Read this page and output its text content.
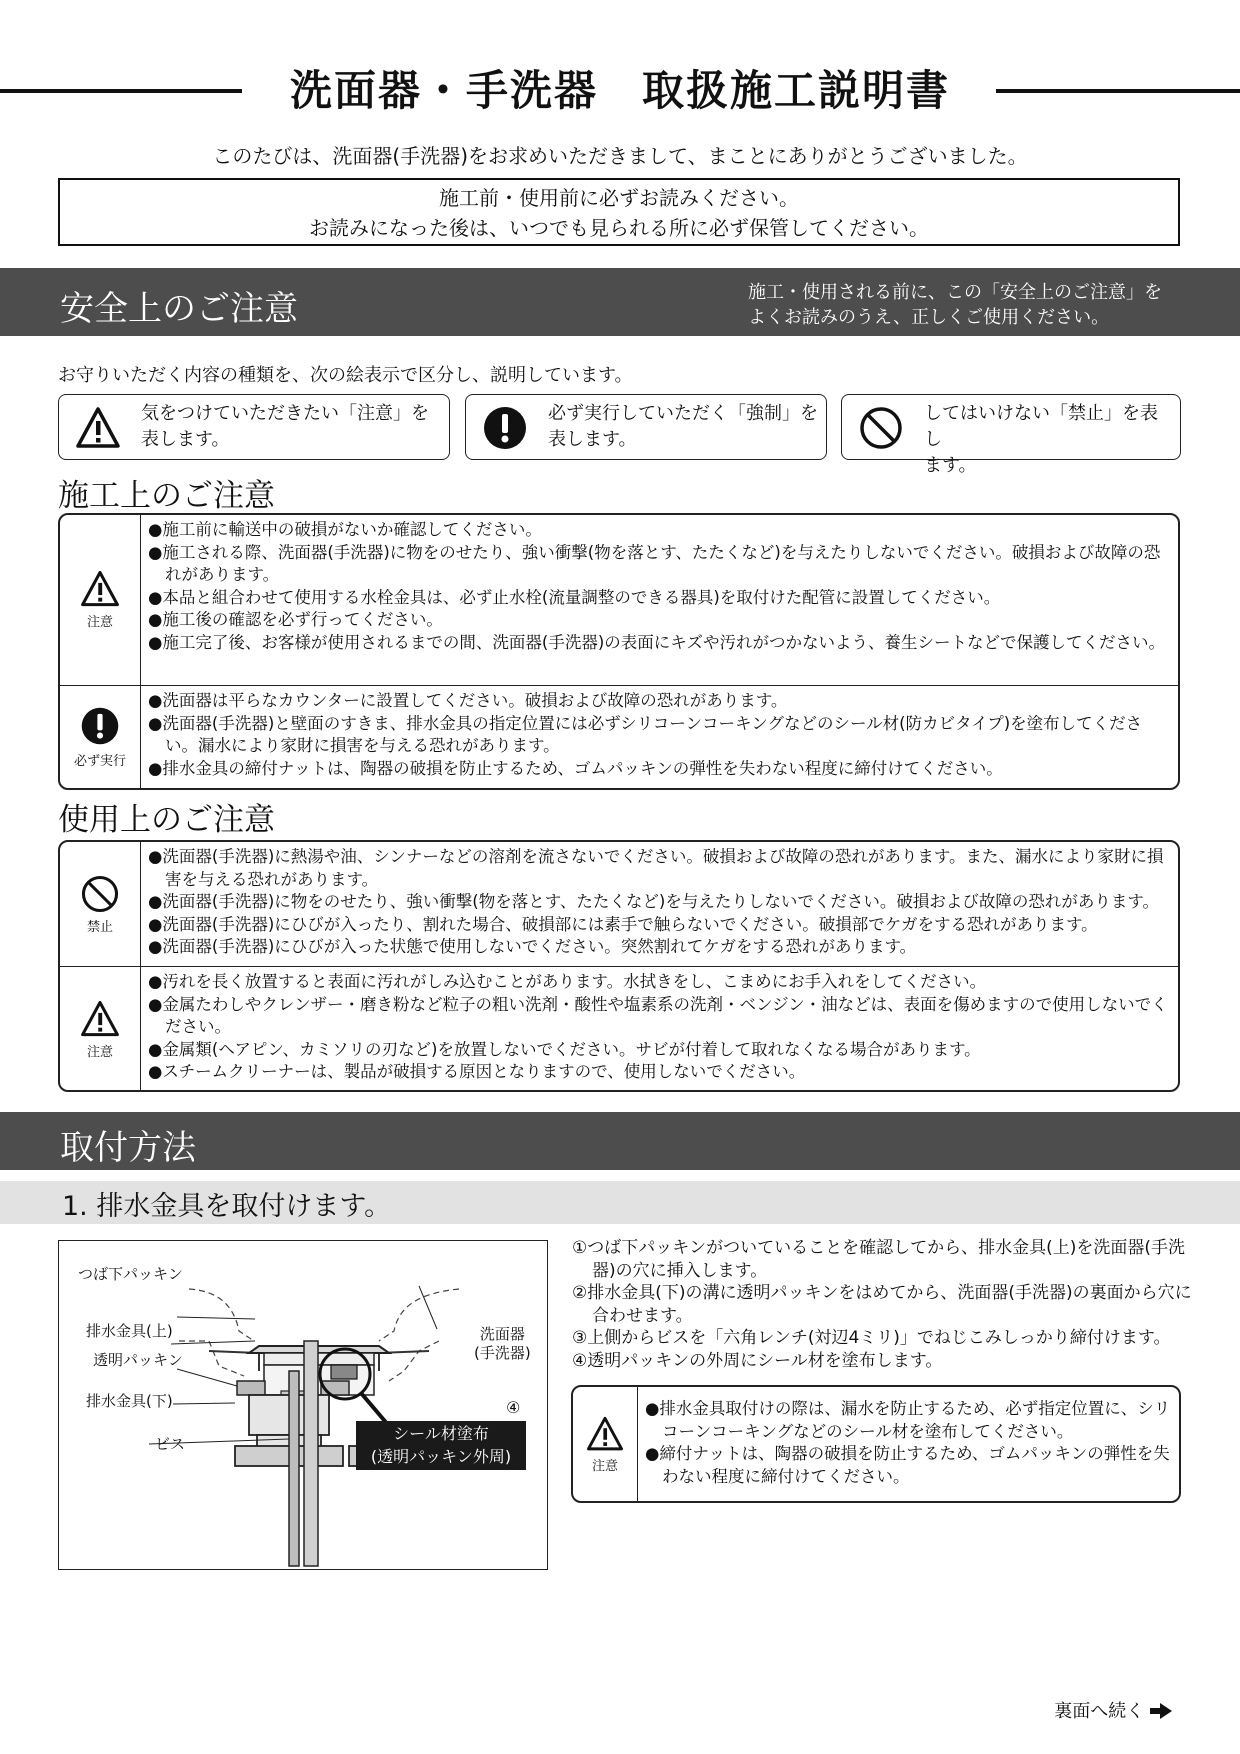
洗面器・手洗器　取扱施工説明書
このたびは、洗面器(手洗器)をお求めいただきまして、まことにありがとうございました。
施工前・使用前に必ずお読みください。
お読みになった後は、いつでも見られる所に必ず保管してください。
安全上のご注意	施工・使用される前に、この「安全上のご注意」を
よくお読みのうえ、正しくご使用ください。
お守りいただく内容の種類を、次の絵表示で区分し、説明しています。
気をつけていただきたい「注意」を
表します。
必ず実行していただく「強制」を
表します。
してはいけない「禁止」を表し
ます。
施工上のご注意
注意
●施工前に輸送中の破損がないか確認してください。
●施工される際、洗面器(手洗器)に物をのせたり、強い衝撃(物を落とす、たたくなど)を与えたりしないでください。破損および故障の恐れがあります。
●本品と組合わせて使用する水栓金具は、必ず止水栓(流量調整のできる器具)を取付けた配管に設置してください。
●施工後の確認を必ず行ってください。
●施工完了後、お客様が使用されるまでの間、洗面器(手洗器)の表面にキズや汚れがつかないよう、養生シートなどで保護してください。
必ず実行
●洗面器は平らなカウンターに設置してください。破損および故障の恐れがあります。
●洗面器(手洗器)と壁面のすきま、排水金具の指定位置には必ずシリコーンコーキングなどのシール材(防カビタイプ)を塗布してください。漏水により家財に損害を与える恐れがあります。
●排水金具の締付ナットは、陶器の破損を防止するため、ゴムパッキンの弾性を失わない程度に締付けてください。
使用上のご注意
禁止
●洗面器(手洗器)に熱湯や油、シンナーなどの溶剤を流さないでください。破損および故障の恐れがあります。また、漏水により家財に損害を与える恐れがあります。
●洗面器(手洗器)に物をのせたり、強い衝撃(物を落とす、たたくなど)を与えたりしないでください。破損および故障の恐れがあります。
●洗面器(手洗器)にひびが入ったり、割れた場合、破損部には素手で触らないでください。破損部でケガをする恐れがあります。
●洗面器(手洗器)にひびが入った状態で使用しないでください。突然割れてケガをする恐れがあります。
注意
●汚れを長く放置すると表面に汚れがしみ込むことがあります。水拭きをし、こまめにお手入れをしてください。
●金属たわしやクレンザー・磨き粉など粒子の粗い洗剤・酸性や塩素系の洗剤・ベンジン・油などは、表面を傷めますので使用しないでください。
●金属類(ヘアピン、カミソリの刃など)を放置しないでください。サビが付着して取れなくなる場合があります。
●スチームクリーナーは、製品が破損する原因となりますので、使用しないでください。
取付方法
1. 排水金具を取付けます。
つば下パッキン
排水金具(上)
透明パッキン
排水金具(下)
ビス
洗面器
(手洗器)
④
シール材塗布
(透明パッキン外周)
①つば下パッキンがついていることを確認してから、排水金具(上)を洗面器(手洗器)の穴に挿入します。
②排水金具(下)の溝に透明パッキンをはめてから、洗面器(手洗器)の裏面から穴に合わせます。
③上側からビスを「六角レンチ(対辺4ミリ)」でねじこみしっかり締付けます。
④透明パッキンの外周にシール材を塗布します。
注意
●排水金具取付けの際は、漏水を防止するため、必ず指定位置に、シリコーンコーキングなどのシール材を塗布してください。
●締付ナットは、陶器の破損を防止するため、ゴムパッキンの弾性を失わない程度に締付けてください。
裏面へ続く
